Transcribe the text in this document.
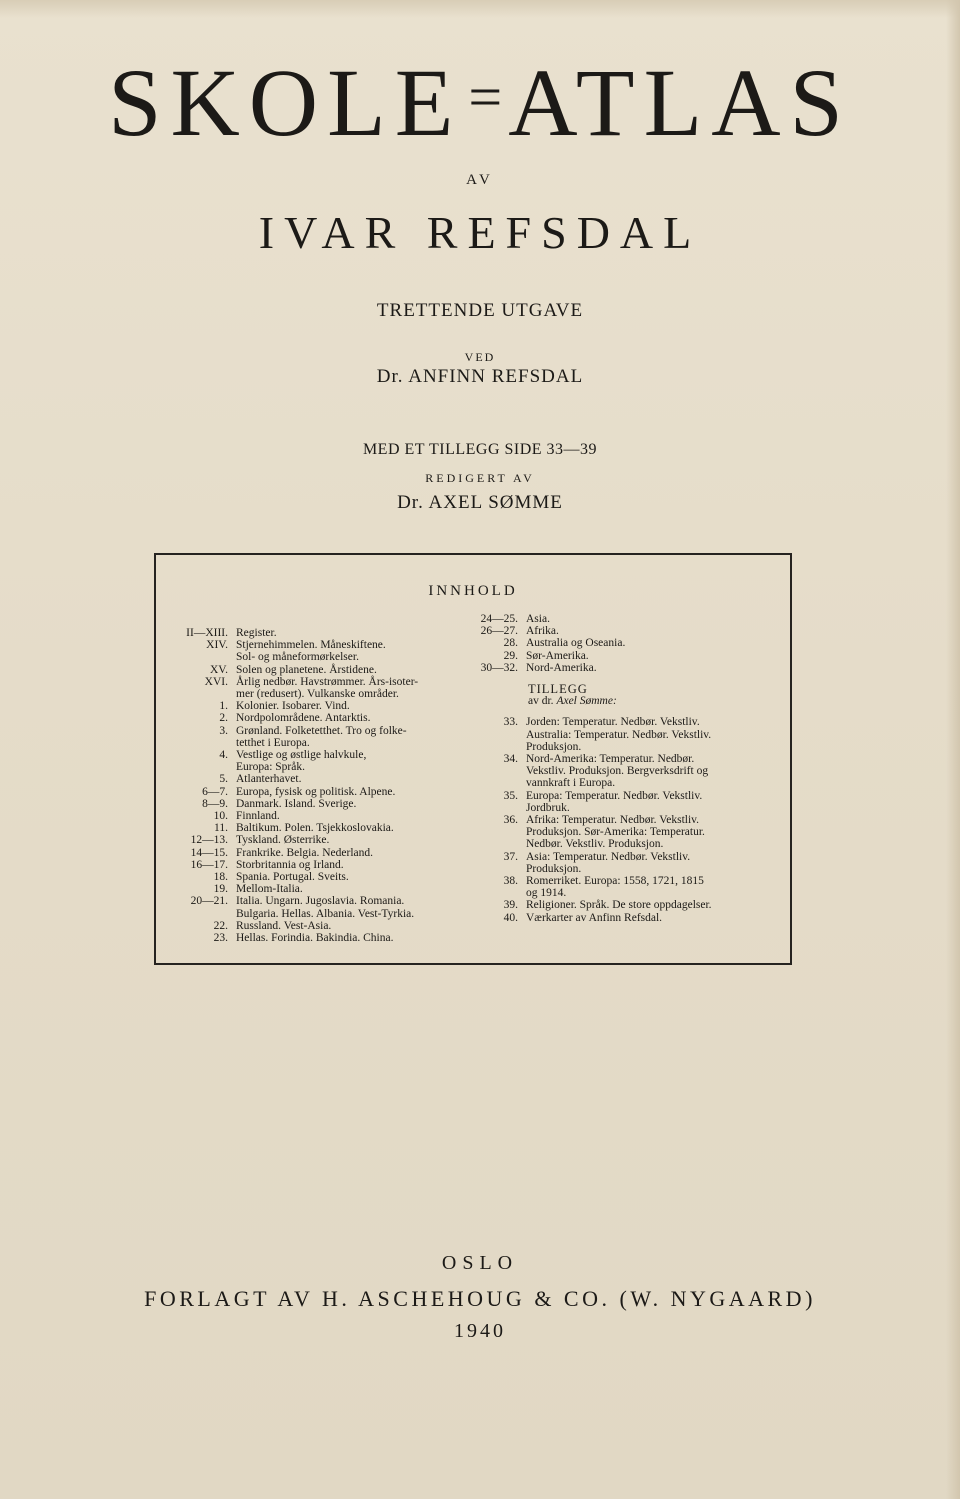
SKOLE =ATLAS
AV
IVAR REFSDAL
TRETTENDE UTGAVE
VED
Dr. ANFINN REFSDAL
MED ET TILLEGG SIDE 33—39
REDIGERT AV
Dr. AXEL SØMME
INNHOLD
II—XIII. Register.
XIV. Stjernehimmelen. Måneskiftene.
Sol- og måneformørkelser.
XV. Solen og planetene. Årstidene.
XVI. Årlig nedbør. Havstrømmer. Års-isoter-
mer (redusert). Vulkanske områder.
1. Kolonier. Isobarer. Vind.
2. Nordpolområdene. Antarktis.
3. Grønland. Folketetthet. Tro og folke-
tetthet i Europa.
4. Vestlige og østlige halvkule,
Europa: Språk.
5. Atlanterhavet.
6—7. Europa, fysisk og politisk. Alpene.
8—9. Danmark. Island. Sverige.
10. Finnland.
11. Baltikum. Polen. Tsjekkoslovakia.
12—13. Tyskland. Østerrike.
14—15. Frankrike. Belgia. Nederland.
16—17. Storbritannia og Irland.
18. Spania. Portugal. Sveits.
19. Mellom-Italia.
20—21. Italia. Ungarn. Jugoslavia. Romania.
Bulgaria. Hellas. Albania. Vest-Tyrkia.
22. Russland. Vest-Asia.
23. Hellas. Forindia. Bakindia. China.
24—25. Asia.
26—27. Afrika.
28. Australia og Oseania.
29. Sør-Amerika.
30—32. Nord-Amerika.
TILLEGG
av dr. Axel Sømme:
33. Jorden: Temperatur. Nedbør. Vekstliv.
Australia: Temperatur. Nedbør. Vekstliv.
Produksjon.
34. Nord-Amerika: Temperatur. Nedbør.
Vekstliv. Produksjon. Bergverksdrift og
vannkraft i Europa.
35. Europa: Temperatur. Nedbør. Vekstliv.
Jordbruk.
36. Afrika: Temperatur. Nedbør. Vekstliv.
Produksjon. Sør-Amerika: Temperatur.
Nedbør. Vekstliv. Produksjon.
37. Asia: Temperatur. Nedbør. Vekstliv.
Produksjon.
38. Romerriket. Europa: 1558, 1721, 1815
og 1914.
39. Religioner. Språk. De store oppdagelser.
40. Værkarter av Anfinn Refsdal.
OSLO
FORLAGT AV H. ASCHEHOUG & CO. (W. NYGAARD)
1940
